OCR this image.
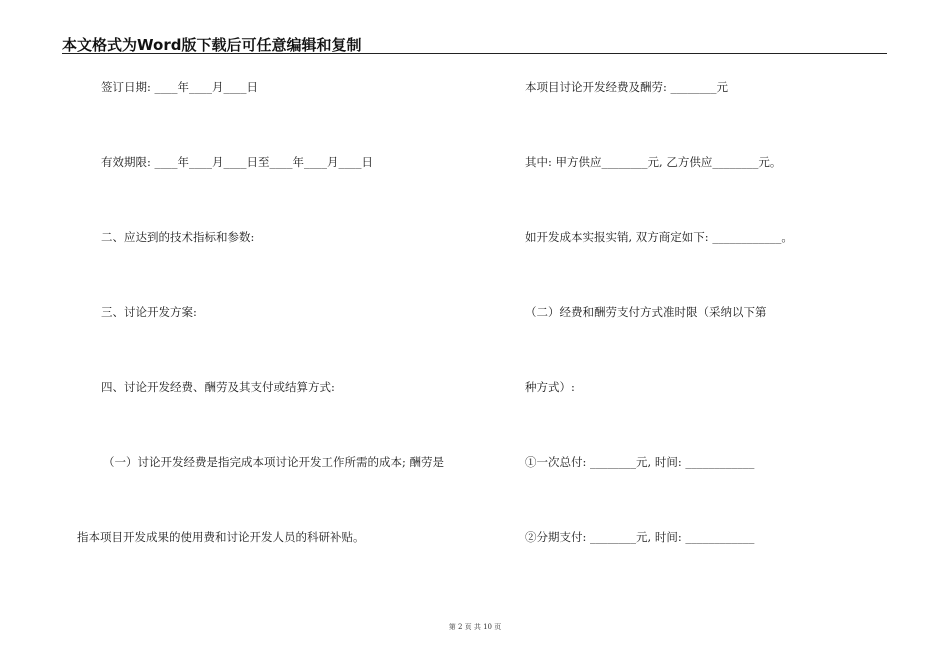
本文格式为Word版下载后可任意编辑和复制
签订日期: ____年____月____日
有效期限: ____年____月____日至____年____月____日
二、应达到的技术指标和参数:
三、讨论开发方案:
四、讨论开发经费、酬劳及其支付或结算方式:
（一）讨论开发经费是指完成本项讨论开发工作所需的成本; 酬劳是
指本项目开发成果的使用费和讨论开发人员的科研补贴。
本项目讨论开发经费及酬劳: ________元
其中: 甲方供应________元, 乙方供应________元。
如开发成本实报实销, 双方商定如下: ____________。
（二）经费和酬劳支付方式准时限（采纳以下第
种方式）:
①一次总付: ________元, 时间: ____________
②分期支付: ________元, 时间: ____________
第 2 页 共 10 页
